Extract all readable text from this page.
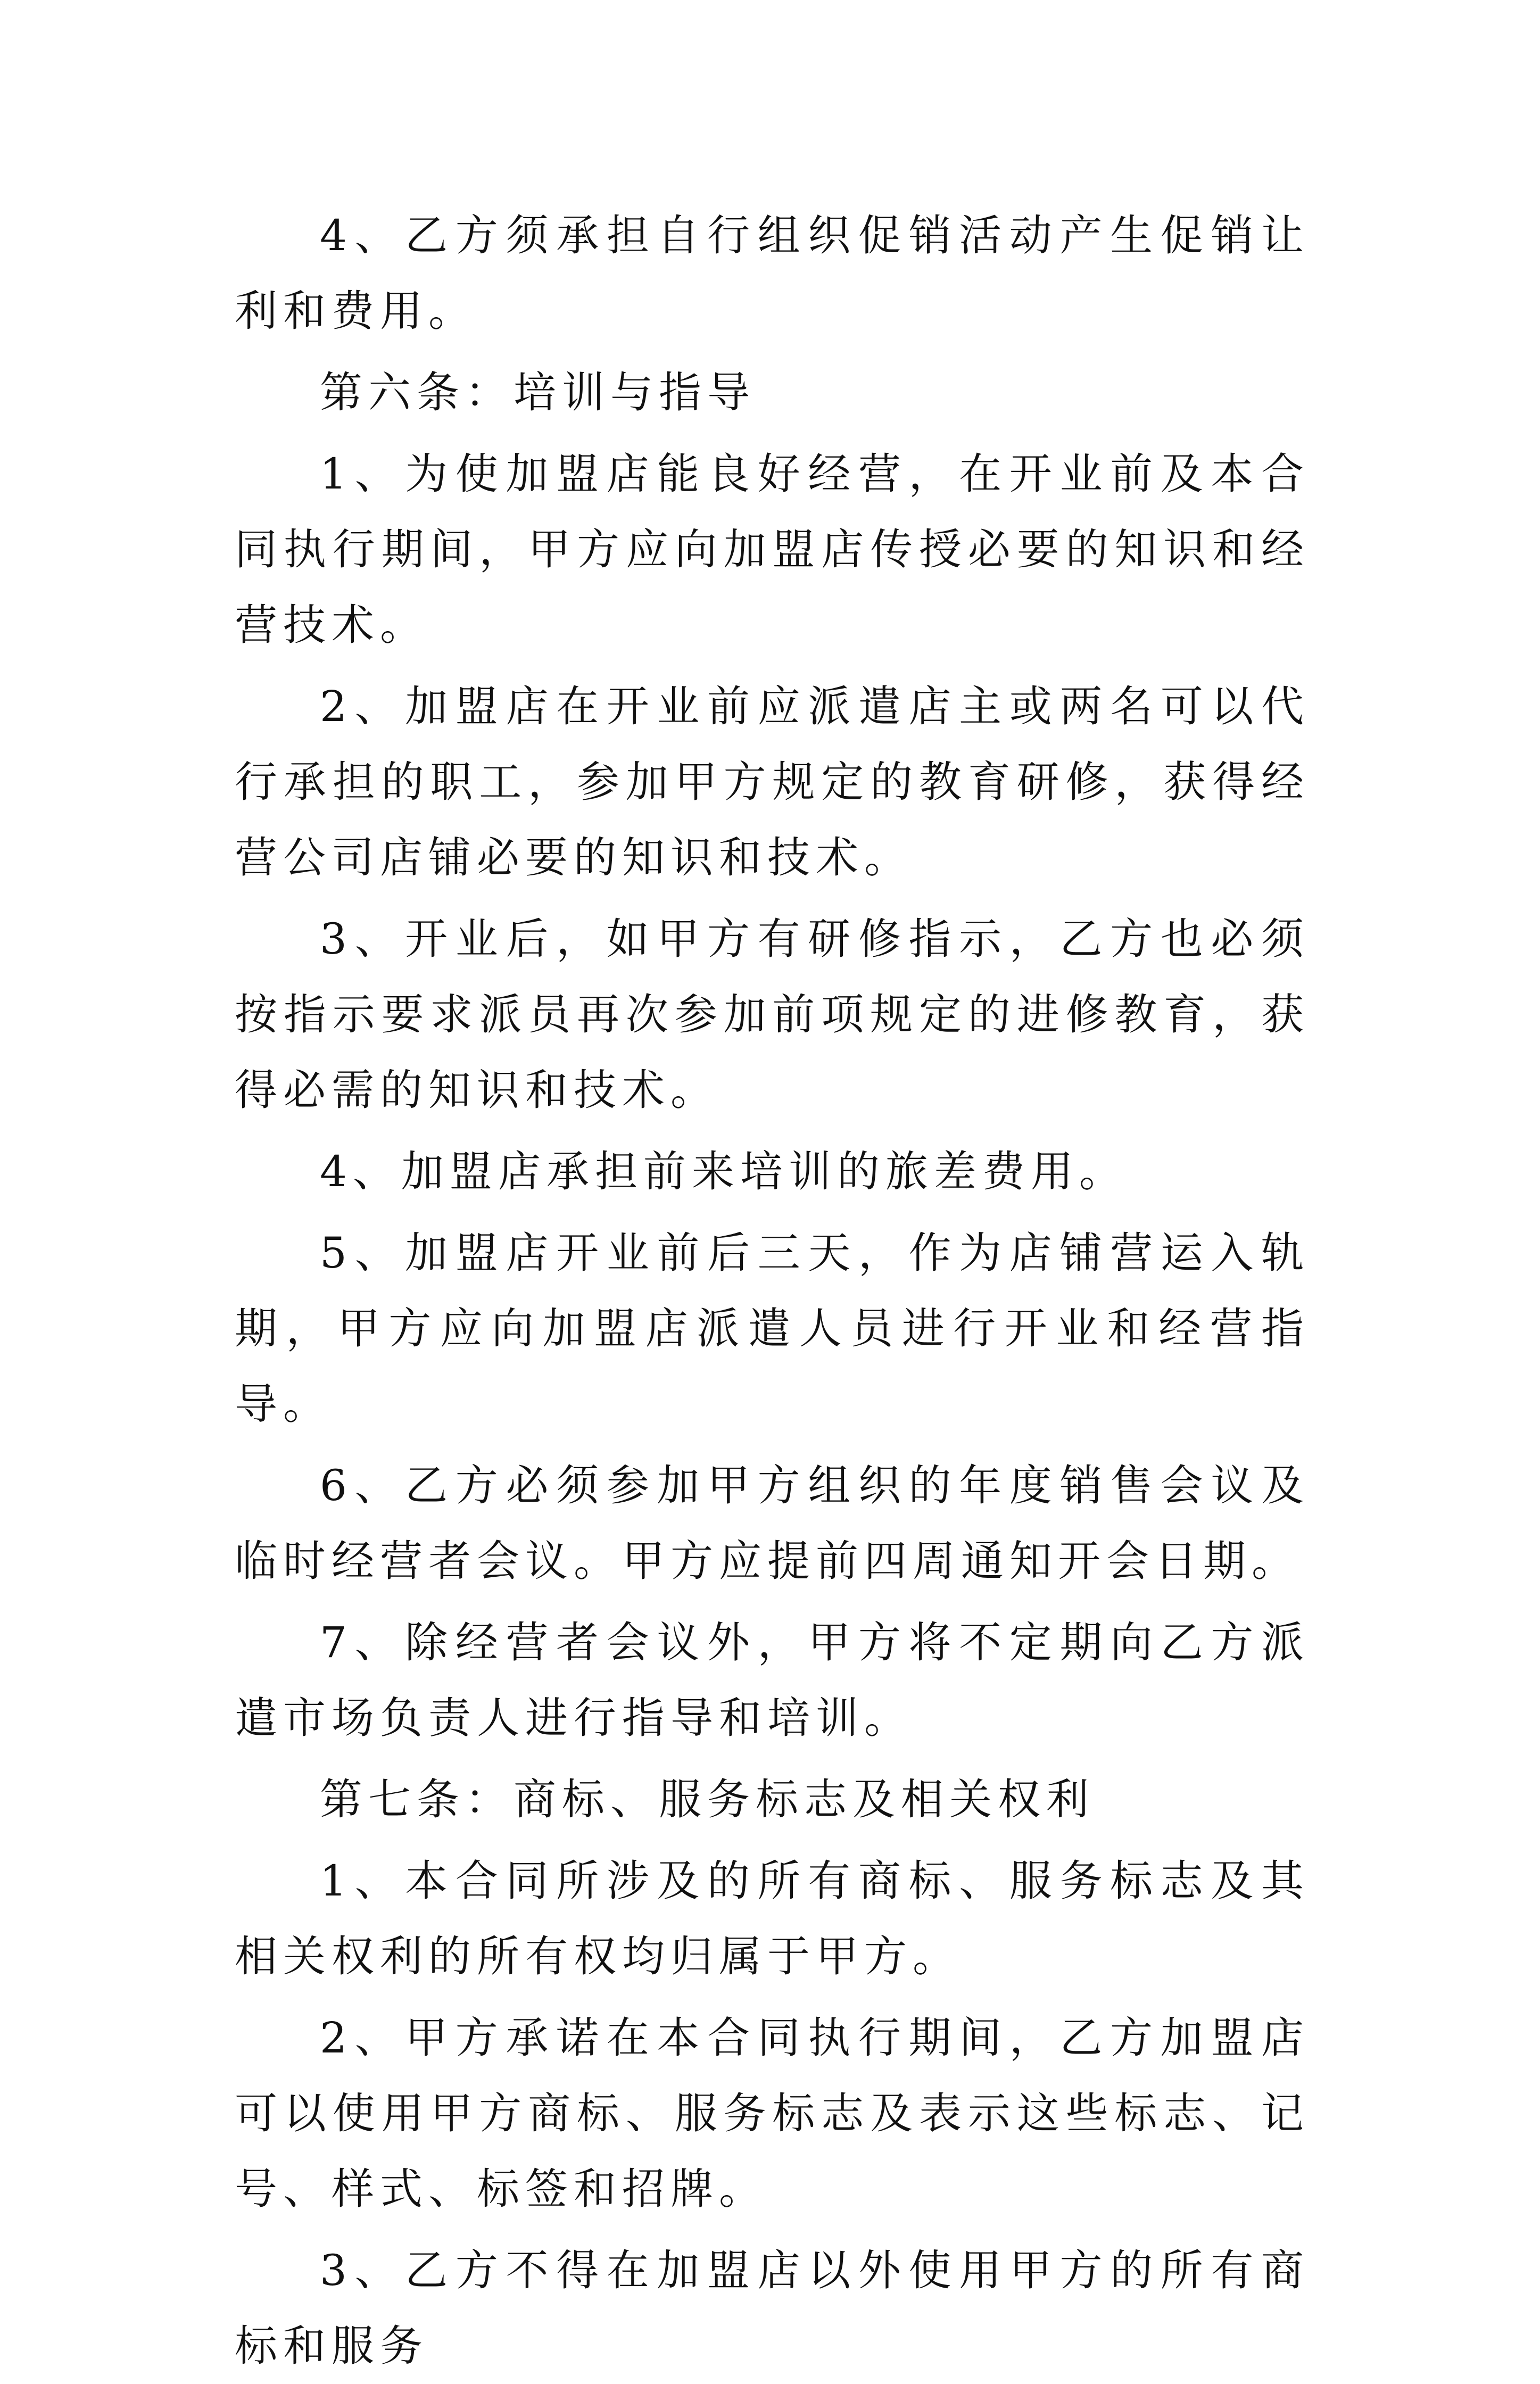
4、乙方须承担自行组织促销活动产生促销让利和费用。

第六条：培训与指导

1、为使加盟店能良好经营，在开业前及本合同执行期间，甲方应向加盟店传授必要的知识和经营技术。

2、加盟店在开业前应派遣店主或两名可以代行承担的职工，参加甲方规定的教育研修，获得经营公司店铺必要的知识和技术。

3、开业后，如甲方有研修指示，乙方也必须按指示要求派员再次参加前项规定的进修教育，获得必需的知识和技术。

4、加盟店承担前来培训的旅差费用。

5、加盟店开业前后三天，作为店铺营运入轨期，甲方应向加盟店派遣人员进行开业和经营指导。

6、乙方必须参加甲方组织的年度销售会议及临时经营者会议。甲方应提前四周通知开会日期。

7、除经营者会议外，甲方将不定期向乙方派遣市场负责人进行指导和培训。

第七条：商标、服务标志及相关权利

1、本合同所涉及的所有商标、服务标志及其相关权利的所有权均归属于甲方。

2、甲方承诺在本合同执行期间，乙方加盟店可以使用甲方商标、服务标志及表示这些标志、记号、样式、标签和招牌。

3、乙方不得在加盟店以外使用甲方的所有商标和服务
